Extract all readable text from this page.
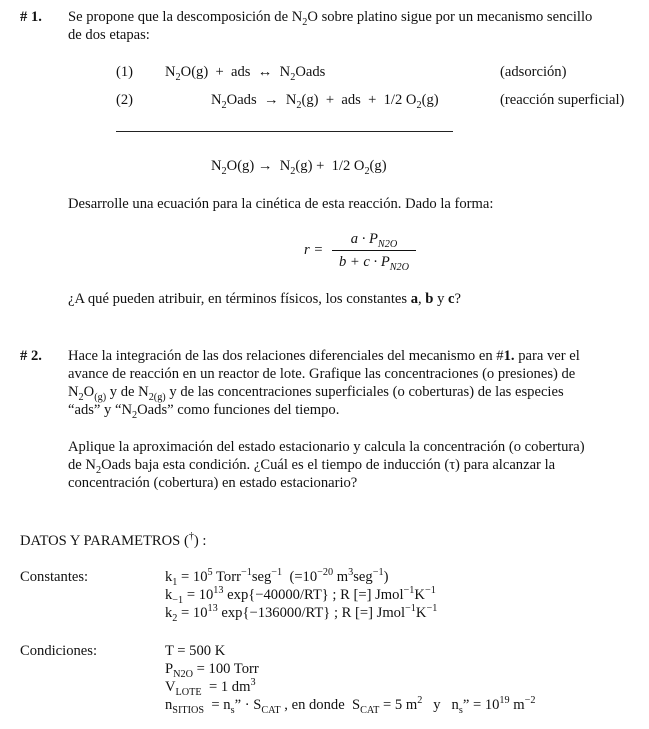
# 1. Se propone que la descomposición de $N_2O$ sobre platino sigue por un mecanismo sencillo
de dos etapas:
(1) $N_2O(g)$  +  ads  ↔  $N_2Oads$	(adsorción)
(2)	$N_2Oads \to N_2(g)$  +  ads  +  1/2 $O_2(g)$	(reacción superficial)
$N_2O(g) \to N_2(g) + 1/2$ $O_2(g)$
Desarrolle una ecuación para la cinética de esta reacción. Dado la forma:
r =
$a \cdot P_{N2O}$
$b + c \cdot P_{N2O}$
¿A qué pueden atribuir, en términos físicos, los constantes a, b y c?
# 2. Hace la integración de las dos relaciones diferenciales del mecanismo en #1. para ver el
avance de reacción en un reactor de lote. Grafique las concentraciones (o presiones) de
$N_2O_{(g)}$ y de $N_{2(g)}$ y de las concentraciones superficiales (o coberturas) de las especies
“ads” y “$N_2Oads$” como funciones del tiempo.
Aplique la aproximación del estado estacionario y calcula la concentración (o cobertura)
de $N_2Oads$ baja esta condición. ¿Cuál es el tiempo de inducción (τ) para alcanzar la
concentración (cobertura) en estado estacionario?
DATOS Y PARAMETROS (†) :
Constantes:	$k_1 = 10^5$ Torr$^{-1}$seg$^{-1}$  ($=10^{-20}$ $m^3seg^{-1}$)
$k_{-1} = 10^{13}$ exp{−40000/RT} ; R [=] $Jmol^{-1}K^{-1}$
$k_2 = 10^{13}$ exp{−136000/RT} ; R [=] $Jmol^{-1}K^{-1}$
Condiciones:	T = 500 K
$P_{N2O} = 100$ Torr
$V_{LOTE} = 1$ $dm^3$
$n_{SITIOS} = n_s$” · $S_{CAT}$ , en donde  $S_{CAT} = 5$ $m^2$   y   $n_s$” = $10^{19}$ $m^{-2}$
